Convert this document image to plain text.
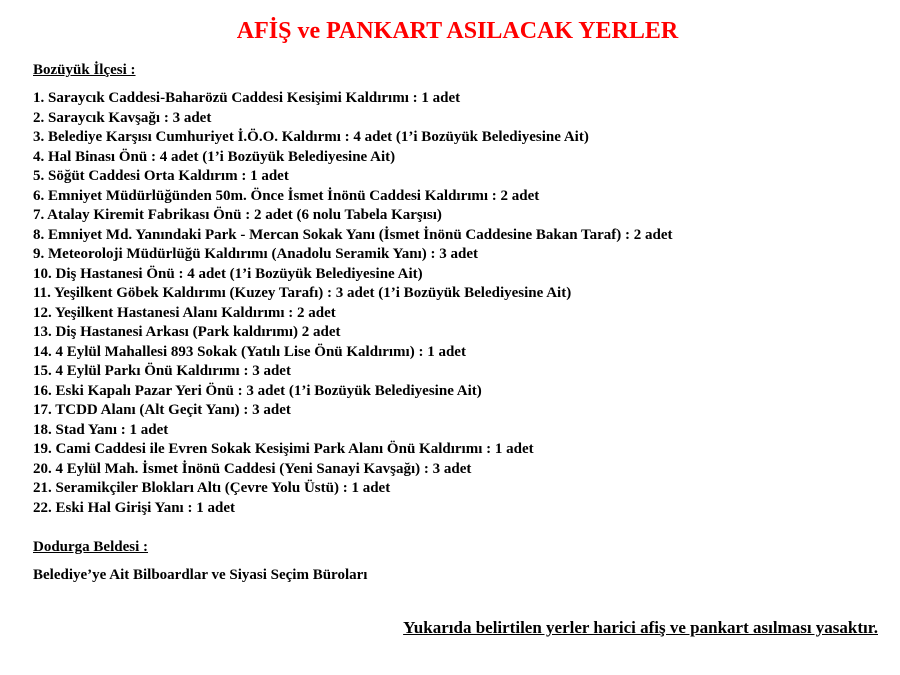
AFİŞ ve PANKART ASILACAK YERLER

Bozüyük İlçesi :

1. Saraycık Caddesi-Baharözü Caddesi Kesişimi Kaldırımı : 1 adet
2. Saraycık Kavşağı : 3 adet
3. Belediye Karşısı Cumhuriyet İ.Ö.O. Kaldırmı : 4 adet (1’i Bozüyük Belediyesine Ait)
4. Hal Binası Önü : 4 adet (1’i Bozüyük Belediyesine Ait)
5. Söğüt Caddesi Orta Kaldırım : 1 adet
6. Emniyet Müdürlüğünden 50m. Önce İsmet İnönü Caddesi Kaldırımı : 2 adet
7. Atalay Kiremit Fabrikası Önü : 2 adet (6 nolu Tabela Karşısı)
8. Emniyet Md. Yanındaki Park - Mercan Sokak Yanı (İsmet İnönü Caddesine Bakan Taraf) : 2 adet
9. Meteoroloji Müdürlüğü Kaldırımı (Anadolu Seramik Yanı) : 3 adet
10. Diş Hastanesi Önü : 4 adet (1’i Bozüyük Belediyesine Ait)
11. Yeşilkent Göbek Kaldırımı (Kuzey Tarafı) : 3 adet (1’i Bozüyük Belediyesine Ait)
12. Yeşilkent Hastanesi Alanı Kaldırımı : 2 adet
13. Diş Hastanesi Arkası (Park kaldırımı) 2 adet
14. 4 Eylül Mahallesi 893 Sokak (Yatılı Lise Önü Kaldırımı) : 1 adet
15. 4 Eylül Parkı Önü Kaldırımı : 3 adet
16. Eski Kapalı Pazar Yeri Önü : 3 adet (1’i Bozüyük Belediyesine Ait)
17. TCDD Alanı (Alt Geçit Yanı) : 3 adet
18. Stad Yanı : 1 adet
19. Cami Caddesi ile Evren Sokak Kesişimi Park Alanı Önü Kaldırımı : 1 adet
20. 4 Eylül Mah. İsmet İnönü Caddesi (Yeni Sanayi Kavşağı) : 3 adet
21. Seramikçiler Blokları Altı (Çevre Yolu Üstü) : 1 adet
22. Eski Hal Girişi Yanı : 1 adet

Dodurga Beldesi :

Belediye’ye Ait Bilboardlar ve Siyasi Seçim Büroları

Yukarıda belirtilen yerler harici afiş ve pankart asılması yasaktır.
